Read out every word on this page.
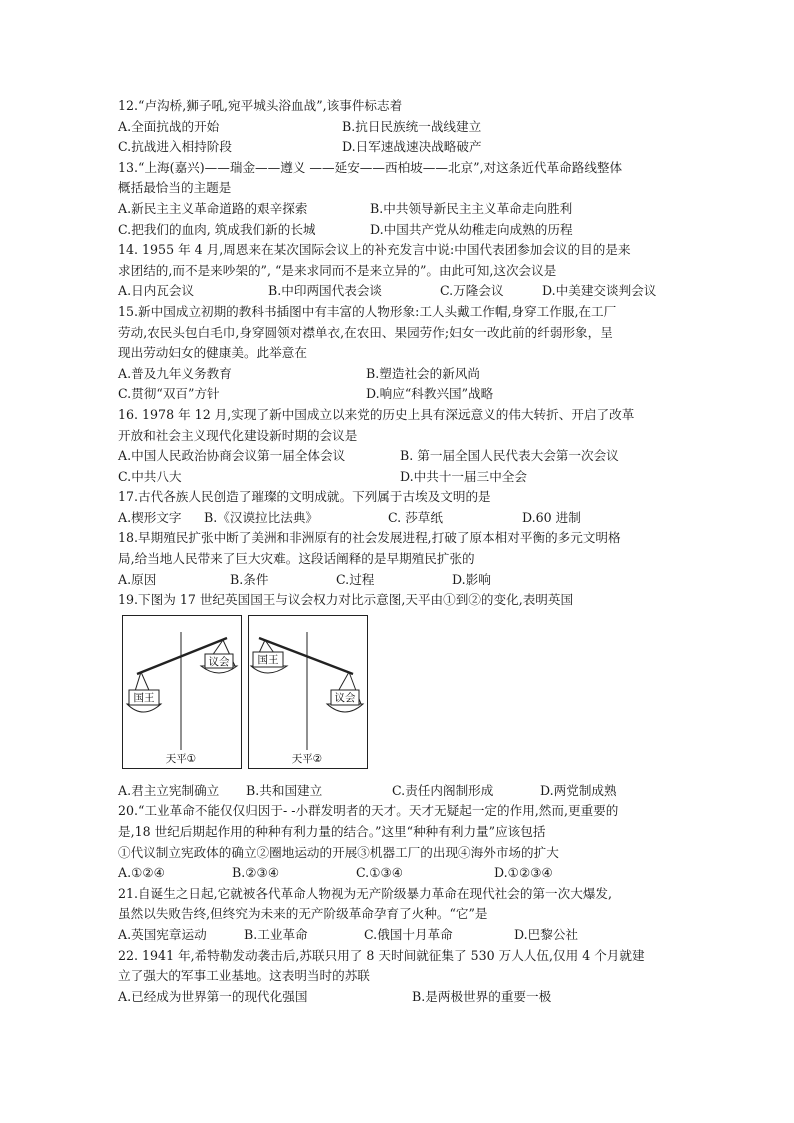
12.“卢沟桥,狮子吼,宛平城头浴血战”,该事件标志着
A.全面抗战的开始	B.抗日民族统一战线建立
C.抗战进入相持阶段	D.日军速战速决战略破产
13.“上海(嘉兴)——瑞金——遵义 ——延安——西柏坡——北京”,对这条近代革命路线整体
概括最恰当的主题是
A.新民主主义革命道路的艰辛探索	B.中共领导新民主主义革命走向胜利
C.把我们的血肉, 筑成我们新的长城	D.中国共产党从幼稚走向成熟的历程
14. 1955 年 4 月,周恩来在某次国际会议上的补充发言中说:中国代表团参加会议的目的是来
求团结的,而不是来吵架的”, “是来求同而不是来立异的”。由此可知,这次会议是
A.日内瓦会议	B.中印两国代表会谈	C.万隆会议	D.中美建交谈判会议
15.新中国成立初期的教科书插图中有丰富的人物形象:工人头戴工作帽,身穿工作服,在工厂
劳动,农民头包白毛巾,身穿圆领对襟单衣,在农田、果园劳作;妇女一改此前的纤弱形象，呈
现出劳动妇女的健康美。此举意在
A.普及九年义务教育	B.塑造社会的新风尚
C.贯彻“双百”方针	D.响应“科教兴国”战略
16. 1978 年 12 月,实现了新中国成立以来党的历史上具有深远意义的伟大转折、开启了改革
开放和社会主义现代化建设新时期的会议是
A.中国人民政治协商会议第一届全体会议	B. 第一届全国人民代表大会第一次会议
C.中共八大	D.中共十一届三中全会
17.古代各族人民创造了璀璨的文明成就。下列属于古埃及文明的是
A.楔形文字 B.《汉谟拉比法典》	C. 莎草纸	D.60 进制
18.早期殖民扩张中断了美洲和非洲原有的社会发展进程,打破了原本相对平衡的多元文明格
局,给当地人民带来了巨大灾难。这段话阐释的是早期殖民扩张的
A.原因	B.条件	C.过程	D.影响
19.下图为 17 世纪英国国王与议会权力对比示意图,天平由①到②的变化,表明英国
国王
议会
天平①
国王
议会
天平②
A.君主立宪制确立 B.共和国建立	C.责任内阁制形成	D.两党制成熟
20.“工业革命不能仅仅归因于- -小群发明者的天才。天才无疑起一定的作用,然而,更重要的
是,18 世纪后期起作用的种种有利力量的结合。”这里“种种有利力量”应该包括
①代议制立宪政体的确立②圈地运动的开展③机器工厂的出现④海外市场的扩大
A.①②④	B.②③④	C.①③④	D.①②③④
21.自诞生之日起,它就被各代革命人物视为无产阶级暴力革命在现代社会的第一次大爆发,
虽然以失败告终,但终究为未来的无产阶级革命孕育了火种。“它”是
A.英国宪章运动	B.工业革命	C.俄国十月革命	D.巴黎公社
22. 1941 年,希特勒发动袭击后,苏联只用了 8 天时间就征集了 530 万人人伍,仅用 4 个月就建
立了强大的军事工业基地。这表明当时的苏联
A.已经成为世界第一的现代化强国	B.是两极世界的重要一极
